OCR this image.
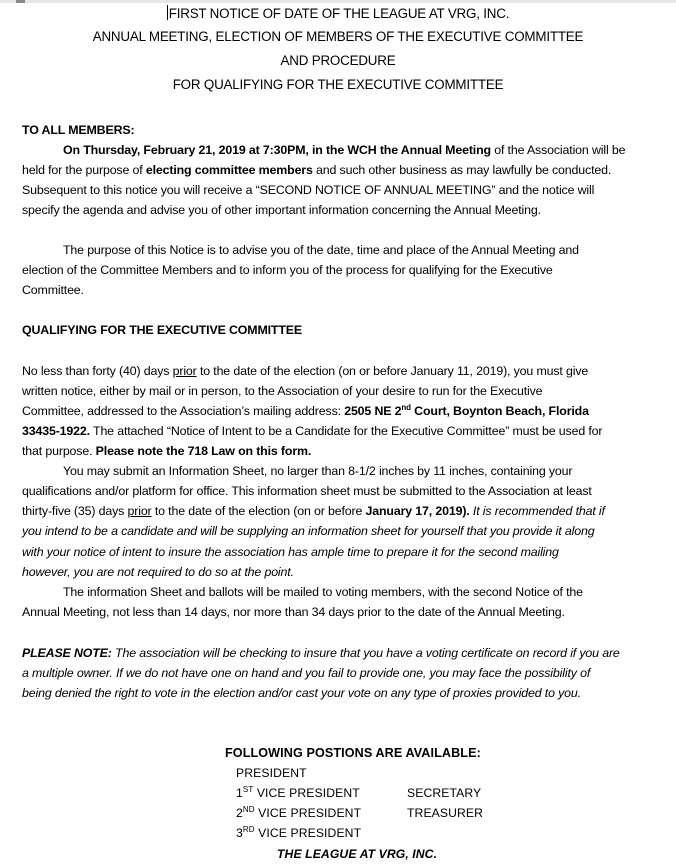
FIRST NOTICE OF DATE OF THE LEAGUE AT VRG, INC.
ANNUAL MEETING, ELECTION OF MEMBERS OF THE EXECUTIVE COMMITTEE
AND PROCEDURE
FOR QUALIFYING FOR THE EXECUTIVE COMMITTEE
TO ALL MEMBERS:
On Thursday, February 21, 2019 at 7:30PM, in the WCH the Annual Meeting of the Association will be
held for the purpose of electing committee members and such other business as may lawfully be conducted.
Subsequent to this notice you will receive a “SECOND NOTICE OF ANNUAL MEETING” and the notice will
specify the agenda and advise you of other important information concerning the Annual Meeting.
The purpose of this Notice is to advise you of the date, time and place of the Annual Meeting and
election of the Committee Members and to inform you of the process for qualifying for the Executive
Committee.
QUALIFYING FOR THE EXECUTIVE COMMITTEE
No less than forty (40) days prior to the date of the election (on or before January 11, 2019), you must give
written notice, either by mail or in person, to the Association of your desire to run for the Executive
Committee, addressed to the Association’s mailing address: 2505 NE 2nd Court, Boynton Beach, Florida
33435-1922. The attached “Notice of Intent to be a Candidate for the Executive Committee” must be used for
that purpose. Please note the 718 Law on this form.
You may submit an Information Sheet, no larger than 8-1/2 inches by 11 inches, containing your
qualifications and/or platform for office. This information sheet must be submitted to the Association at least
thirty-five (35) days prior to the date of the election (on or before January 17, 2019). It is recommended that if
you intend to be a candidate and will be supplying an information sheet for yourself that you provide it along
with your notice of intent to insure the association has ample time to prepare it for the second mailing
however, you are not required to do so at the point.
The information Sheet and ballots will be mailed to voting members, with the second Notice of the
Annual Meeting, not less than 14 days, nor more than 34 days prior to the date of the Annual Meeting.
PLEASE NOTE: The association will be checking to insure that you have a voting certificate on record if you are
a multiple owner. If we do not have one on hand and you fail to provide one, you may face the possibility of
being denied the right to vote in the election and/or cast your vote on any type of proxies provided to you.
FOLLOWING POSTIONS ARE AVAILABLE:
PRESIDENT
1ST VICE PRESIDENT	SECRETARY
2ND VICE PRESIDENT	TREASURER
3RD VICE PRESIDENT
THE LEAGUE AT VRG, INC.
